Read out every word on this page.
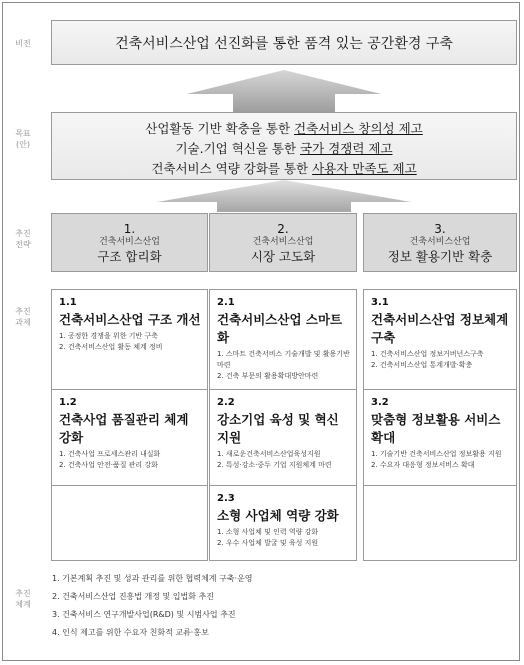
비전
목표
(안)
추진
전략
추진
과제
추진
체계
건축서비스산업 선진화를 통한 품격 있는 공간환경 구축
산업활동 기반 확충을 통한 건축서비스 창의성 제고
기술.기업 혁신을 통한 국가 경쟁력 제고
건축서비스 역량 강화를 통한 사용자 만족도 제고
1.
건축서비스산업
구조 합리화
2.
건축서비스산업
시장 고도화
3.
건축서비스산업
정보 활용기반 확충
1.1
건축서비스산업 구조 개선
1. 공정한 경쟁을 위한 기반 구축
2. 건축서비스산업 활동 체계 정비
1.2
건축사업 품질관리 체계 강화
1. 건축사업 프로세스관리 내실화
2. 건축사업 안전·품질 관리 강화
2.1
건축서비스산업 스마트화
1. 스마트 건축서비스 기술개발 및 활용기반 마련
2. 건축 부문의 활용확대방안마련
2.2
강소기업 육성 및 혁신 지원
1. 새로운건축서비스산업육성지원
2. 특성·강소·중두 기업 지원체계 마련
2.3
소형 사업체 역량 강화
1. 소형 사업체 및 인력 역량 강화
2. 우수 사업체 발굴 및 육성 지원
3.1
건축서비스산업 정보체계 구축
1. 건축서비스산업 정보거버넌스구축
2. 건축서비스산업 통계개발·확충
3.2
맞춤형 정보활용 서비스 확대
1. 기술기반 건축서비스산업 정보활용 지원
2. 수요자 대응형 정보서비스 확대
1. 기본계획 추진 및 성과 관리를 위한 협력체계 구축·운영
2. 건축서비스산업 진흥법 개정 및 입법화 추진
3. 건축서비스 연구개발사업(R&D) 및 시범사업 추진
4. 인식 제고를 위한 수요자 친화적 교류·홍보
